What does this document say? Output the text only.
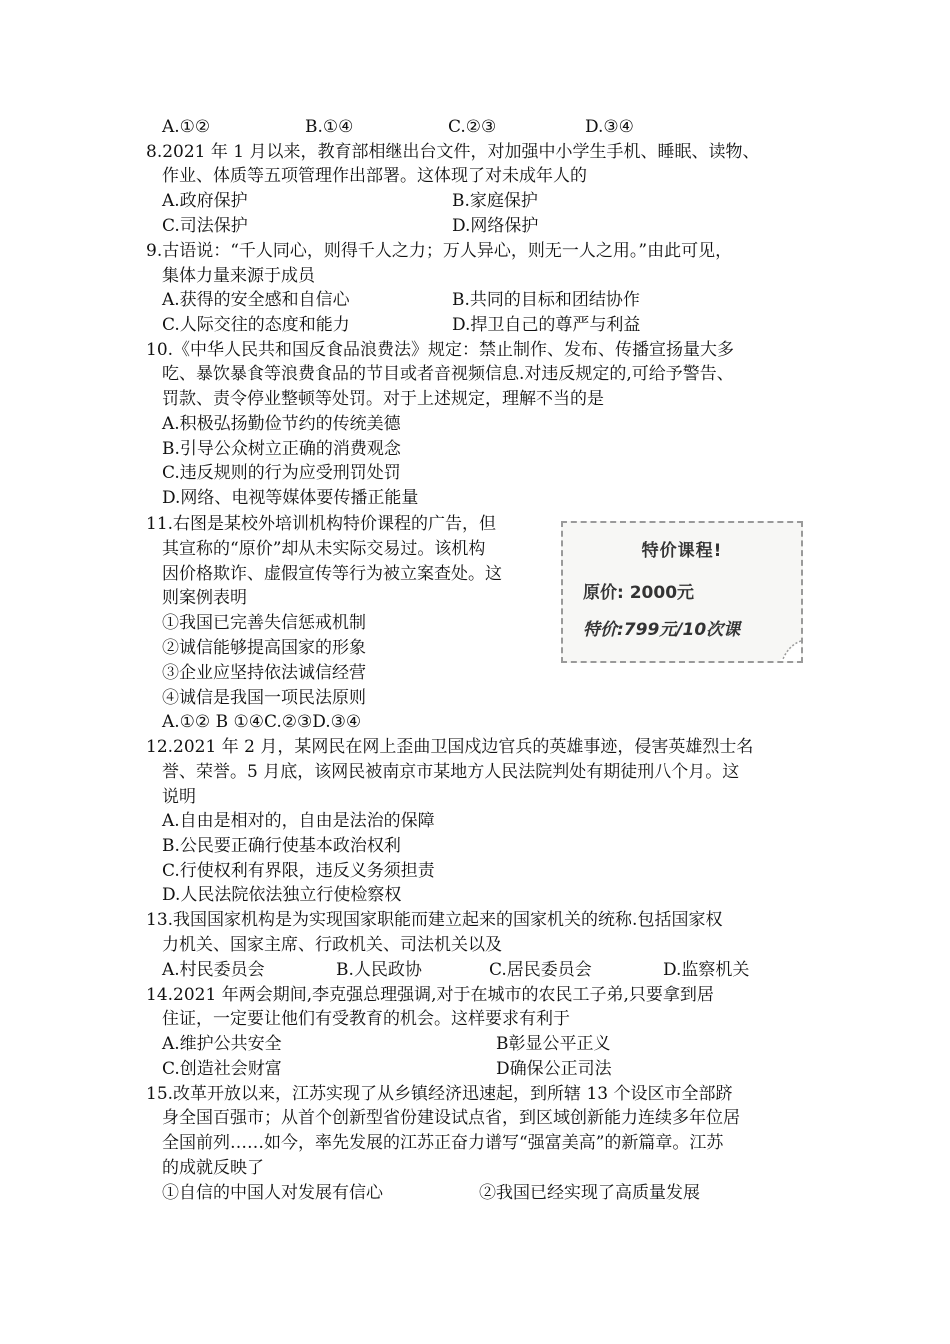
A.①②	B.①④	C.②③	D.③④
8.2021 年 1 月以来，教育部相继出台文件，对加强中小学生手机、睡眠、读物、
作业、体质等五项管理作出部署。这体现了对未成年人的
A.政府保护	B.家庭保护
C.司法保护	D.网络保护
9.古语说：“千人同心，则得千人之力；万人异心，则无一人之用。”由此可见，
集体力量来源于成员
A.获得的安全感和自信心	B.共同的目标和团结协作
C.人际交往的态度和能力	D.捍卫自己的尊严与利益
10.《中华人民共和国反食品浪费法》规定：禁止制作、发布、传播宣扬量大多
吃、暴饮暴食等浪费食品的节目或者音视频信息.对违反规定的,可给予警告、
罚款、责令停业整顿等处罚。对于上述规定，理解不当的是
A.积极弘扬勤俭节约的传统美德
B.引导公众树立正确的消费观念
C.违反规则的行为应受刑罚处罚
D.网络、电视等媒体要传播正能量
11.右图是某校外培训机构特价课程的广告，但
其宣称的“原价”却从未实际交易过。该机构
因价格欺诈、虚假宣传等行为被立案查处。这
则案例表明
①我国已完善失信惩戒机制
②诚信能够提高国家的形象
③企业应坚持依法诚信经营
④诚信是我国一项民法原则
A.①② B ①④C.②③D.③④
特价课程!
原价: 2000元
特价:799元/10次课
12.2021 年 2 月，某网民在网上歪曲卫国戍边官兵的英雄事迹，侵害英雄烈士名
誉、荣誉。5 月底，该网民被南京市某地方人民法院判处有期徒刑八个月。这
说明
A.自由是相对的，自由是法治的保障
B.公民要正确行使基本政治权利
C.行使权利有界限，违反义务须担责
D.人民法院依法独立行使检察权
13.我国国家机构是为实现国家职能而建立起来的国家机关的统称.包括国家权
力机关、国家主席、行政机关、司法机关以及
A.村民委员会	B.人民政协	C.居民委员会	D.监察机关
14.2021 年两会期间,李克强总理强调,对于在城市的农民工子弟,只要拿到居
住证，一定要让他们有受教育的机会。这样要求有利于
A.维护公共安全	B彰显公平正义
C.创造社会财富	D确保公正司法
15.改革开放以来，江苏实现了从乡镇经济迅速起，到所辖 13 个设区市全部跻
身全国百强市；从首个创新型省份建设试点省，到区域创新能力连续多年位居
全国前列……如今，率先发展的江苏正奋力谱写“强富美高”的新篇章。江苏
的成就反映了
①自信的中国人对发展有信心	②我国已经实现了高质量发展
